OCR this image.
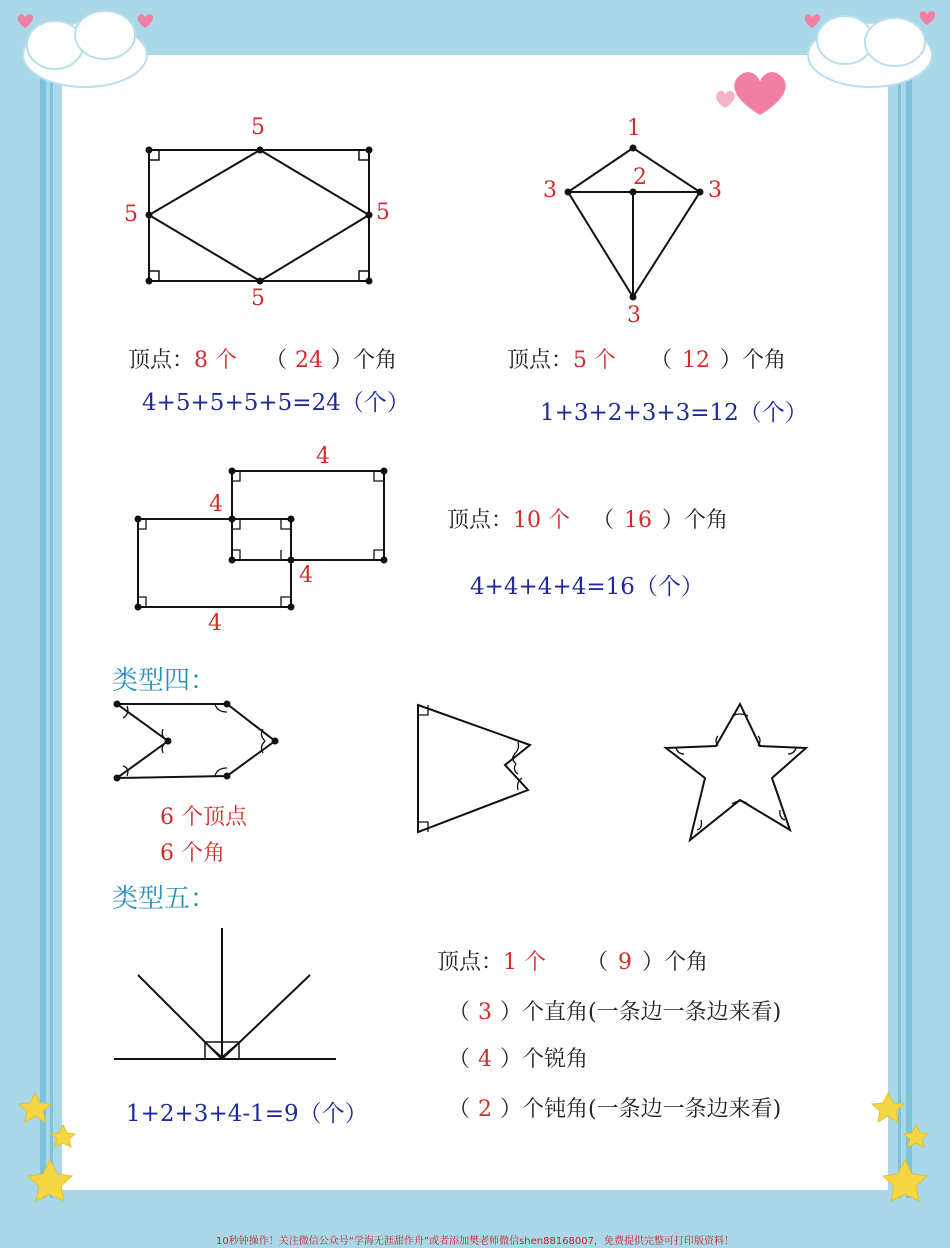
5
5	5
5
顶点：8 个 （ 24 ）个角
4+5+5+5+5=24（个）
1
2
3	3
3
顶点：5 个 （ 12 ）个角
1+3+2+3+3=12（个）
4
4
4
4
顶点：10 个 （ 16 ）个角
4+4+4+4=16（个）
类型四：
6 个顶点
6 个角
类型五：
顶点：1 个 （ 9 ）个角
（ 3 ）个直角(一条边一条边来看)
（ 4 ）个锐角
（ 2 ）个钝角(一条边一条边来看)
1+2+3+4-1=9（个）
10秒钟操作！关注微信公众号“学海无涯甜作舟”或者添加樊老师微信shen88168007，免费提供完整可打印版资料！
